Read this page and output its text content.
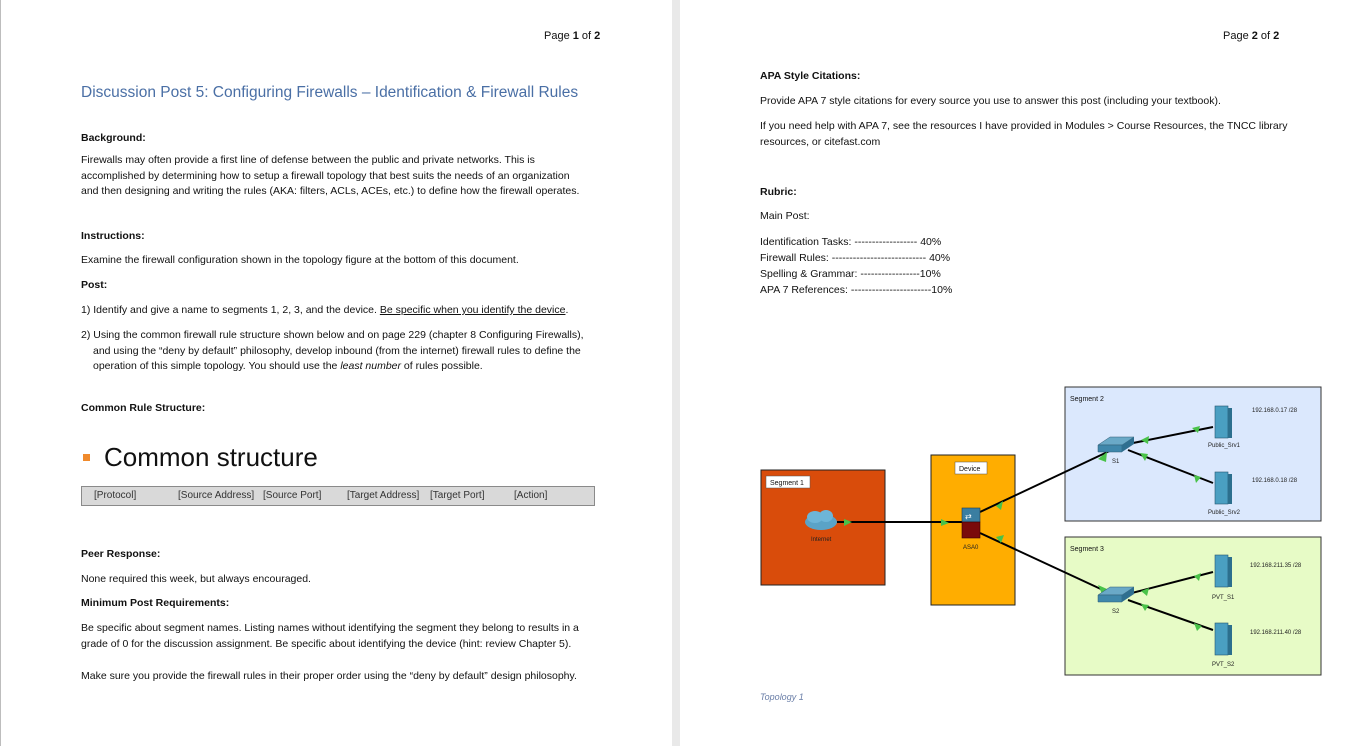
Page 1 of 2
Discussion Post 5: Configuring Firewalls – Identification & Firewall Rules
Background:
Firewalls may often provide a first line of defense between the public and private networks. This is accomplished by determining how to setup a firewall topology that best suits the needs of an organization and then designing and writing the rules (AKA: filters, ACLs, ACEs, etc.) to define how the firewall operates.
Instructions:
Examine the firewall configuration shown in the topology figure at the bottom of this document.
Post:
1) Identify and give a name to segments 1, 2, 3, and the device. Be specific when you identify the device.
2) Using the common firewall rule structure shown below and on page 229 (chapter 8 Configuring Firewalls), and using the “deny by default” philosophy, develop inbound (from the internet) firewall rules to define the operation of this simple topology. You should use the least number of rules possible.
Common Rule Structure:
Common structure
[Protocol]	[Source Address] [Source Port]	[Target Address] [Target Port]	[Action]
Peer Response:
None required this week, but always encouraged.
Minimum Post Requirements:
Be specific about segment names. Listing names without identifying the segment they belong to results in a grade of 0 for the discussion assignment. Be specific about identifying the device (hint: review Chapter 5).
Make sure you provide the firewall rules in their proper order using the “deny by default” design philosophy.
Page 2 of 2
APA Style Citations:
Provide APA 7 style citations for every source you use to answer this post (including your textbook).
If you need help with APA 7, see the resources I have provided in Modules > Course Resources, the TNCC library resources, or citefast.com
Rubric:
Main Post:
Identification Tasks: ------------------ 40%
Firewall Rules: --------------------------- 40%
Spelling & Grammar: -----------------10%
APA 7 References: -----------------------10%
Segment 1
Device
Segment 2
Segment 3
Internet
⇄
ASA0
S1
S2
Public_Srv1
192.168.0.17 /28
Public_Srv2
192.168.0.18 /28
PVT_S1
192.168.211.35 /28
PVT_S2
192.168.211.40 /28
Topology 1
